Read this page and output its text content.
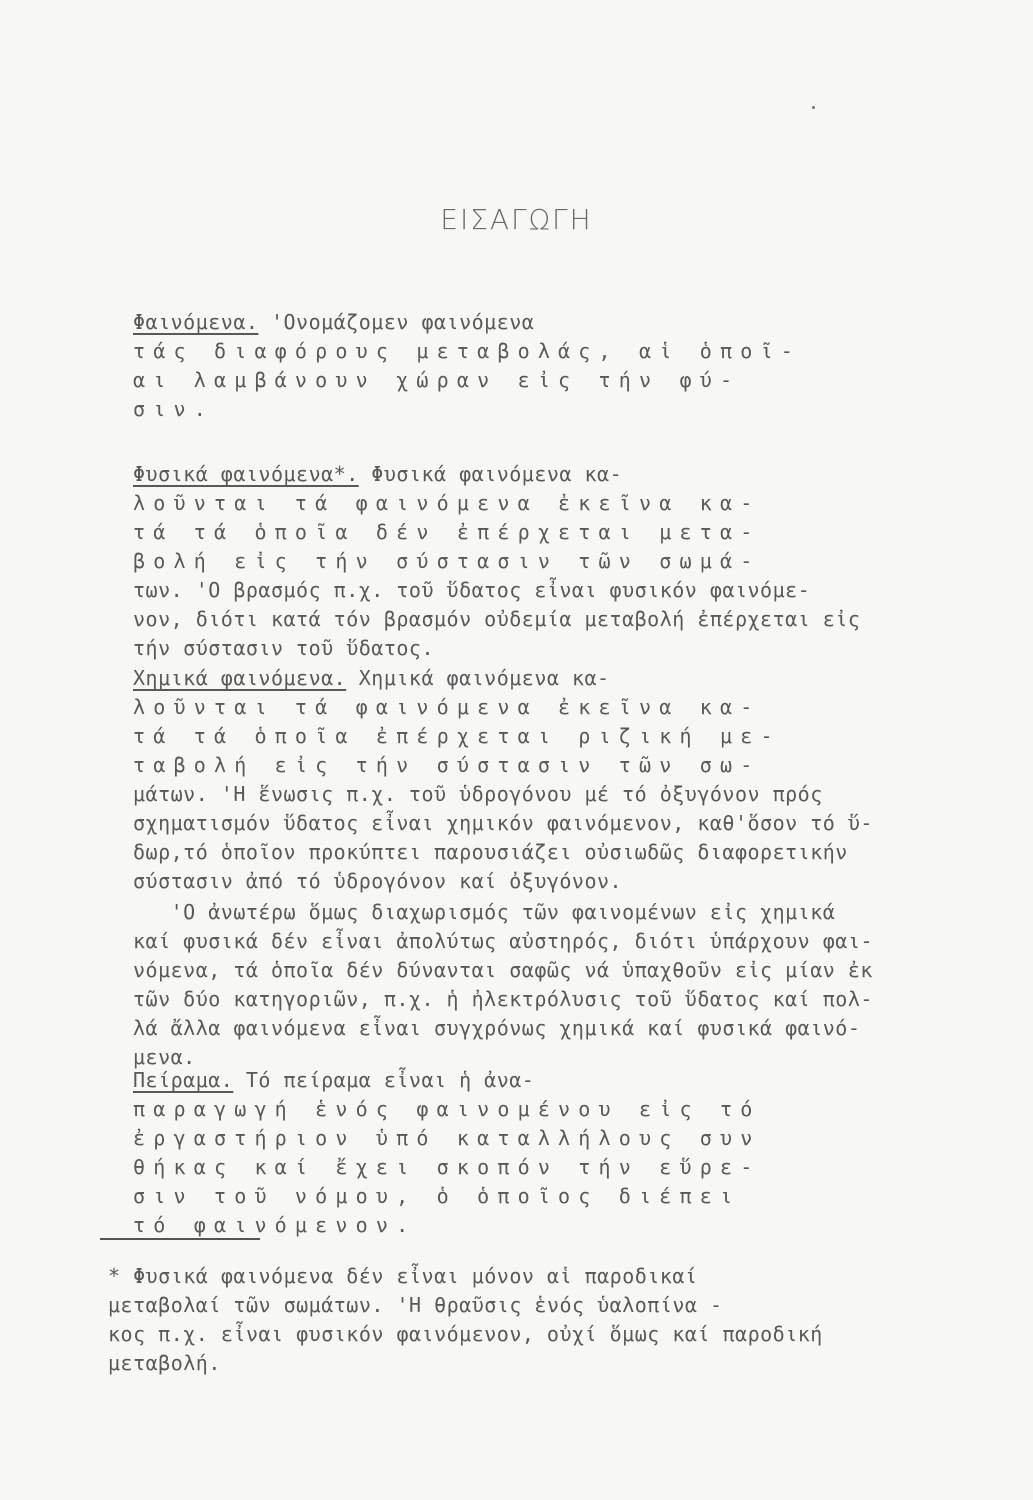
ΕΙΣΑΓΩΓΗ
Φαινόμενα. 'Ονομάζομεν φαινόμενα
τάς διαφόρους μεταβολάς, αἱ ὁποῖ-
αι λαμβάνουν χώραν εἰς τήν φύ-
σιν.
Φυσικά φαινόμενα*. Φυσικά φαινόμενα κα-
λοῦνται τά φαινόμενα ἐκεῖνα κα-
τά τά ὁποῖα δέν ἐπέρχεται μετα-
βολή εἰς τήν σύστασιν τῶν σωμά-
των. 'Ο βρασμός π.χ. τοῦ ὕδατος εἶναι φυσικόν φαινόμε-
νον, διότι κατά τόν βρασμόν οὐδεμία μεταβολή ἐπέρχεται εἰς
τήν σύστασιν τοῦ ὕδατος.
Χημικά φαινόμενα. Χημικά φαινόμενα κα-
λοῦνται τά φαινόμενα ἐκεῖνα κα-
τά τά ὁποῖα ἐπέρχεται ριζική με-
ταβολή εἰς τήν σύστασιν τῶν σω-
μάτων. 'Η ἕνωσις π.χ. τοῦ ὑδρογόνου μέ τό ὀξυγόνον πρός
σχηματισμόν ὕδατος εἶναι χημικόν φαινόμενον, καθ'ὅσον τό ὕ-
δωρ,τό ὁποῖον προκύπτει παρουσιάζει οὐσιωδῶς διαφορετικήν
σύστασιν ἀπό τό ὑδρογόνον καί ὀξυγόνον.
'Ο ἀνωτέρω ὅμως διαχωρισμός τῶν φαινομένων εἰς χημικά
καί φυσικά δέν εἶναι ἀπολύτως αὐστηρός, διότι ὑπάρχουν φαι-
νόμενα, τά ὁποῖα δέν δύνανται σαφῶς νά ὑπαχθοῦν εἰς μίαν ἐκ
τῶν δύο κατηγοριῶν, π.χ. ἡ ἠλεκτρόλυσις τοῦ ὕδατος καί πολ-
λά ἄλλα φαινόμενα εἶναι συγχρόνως χημικά καί φυσικά φαινό-
μενα.
Πείραμα. Τό πείραμα εἶναι ἡ ἀνα-
παραγωγή ἑνός φαινομένου εἰς τό
ἐργαστήριον ὑπό καταλλήλους συν
θήκας καί ἔχει σκοπόν τήν εὕρε-
σιν τοῦ νόμου, ὁ ὁποῖος διέπει
τό φαινόμενον.
* Φυσικά φαινόμενα δέν εἶναι μόνον αἱ παροδικαί
μεταβολαί τῶν σωμάτων. 'Η θραῦσις ἑνός ὑαλοπίνα -
κος π.χ. εἶναι φυσικόν φαινόμενον, οὐχί ὅμως καί παροδική
μεταβολή.
